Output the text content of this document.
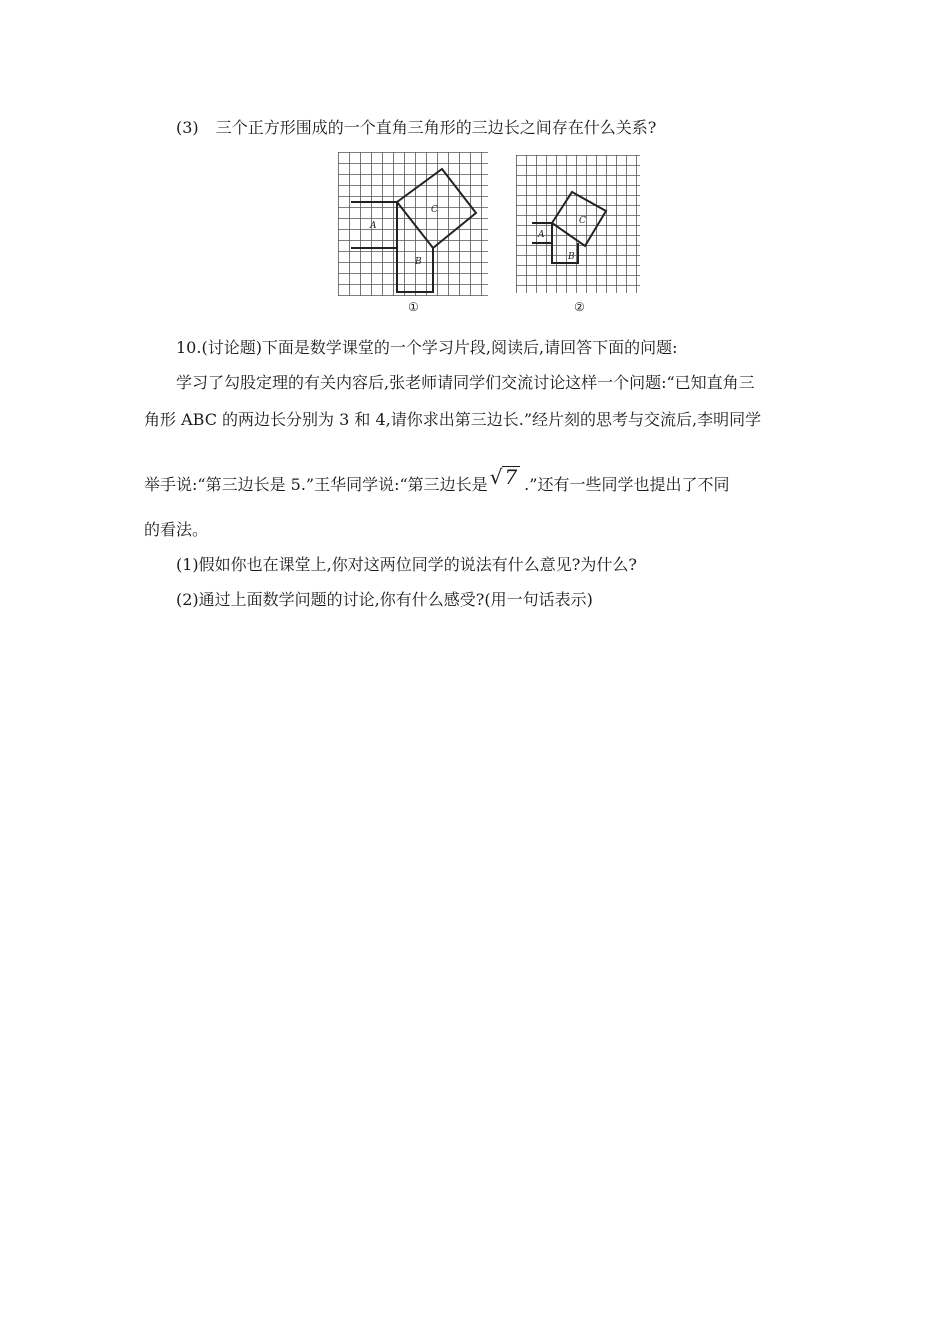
(3) 三个正方形围成的一个直角三角形的三边长之间存在什么关系?
A
B
C
①
A
B
C
②
10.(讨论题)下面是数学课堂的一个学习片段,阅读后,请回答下面的问题:
学习了勾股定理的有关内容后,张老师请同学们交流讨论这样一个问题:“已知直角三
角形 ABC 的两边长分别为 3 和 4,请你求出第三边长.”经片刻的思考与交流后,李明同学
举手说:“第三边长是 5.”王华同学说:“第三边长是 √ 7 .”还有一些同学也提出了不同
的看法。
(1)假如你也在课堂上,你对这两位同学的说法有什么意见?为什么?
(2)通过上面数学问题的讨论,你有什么感受?(用一句话表示)
